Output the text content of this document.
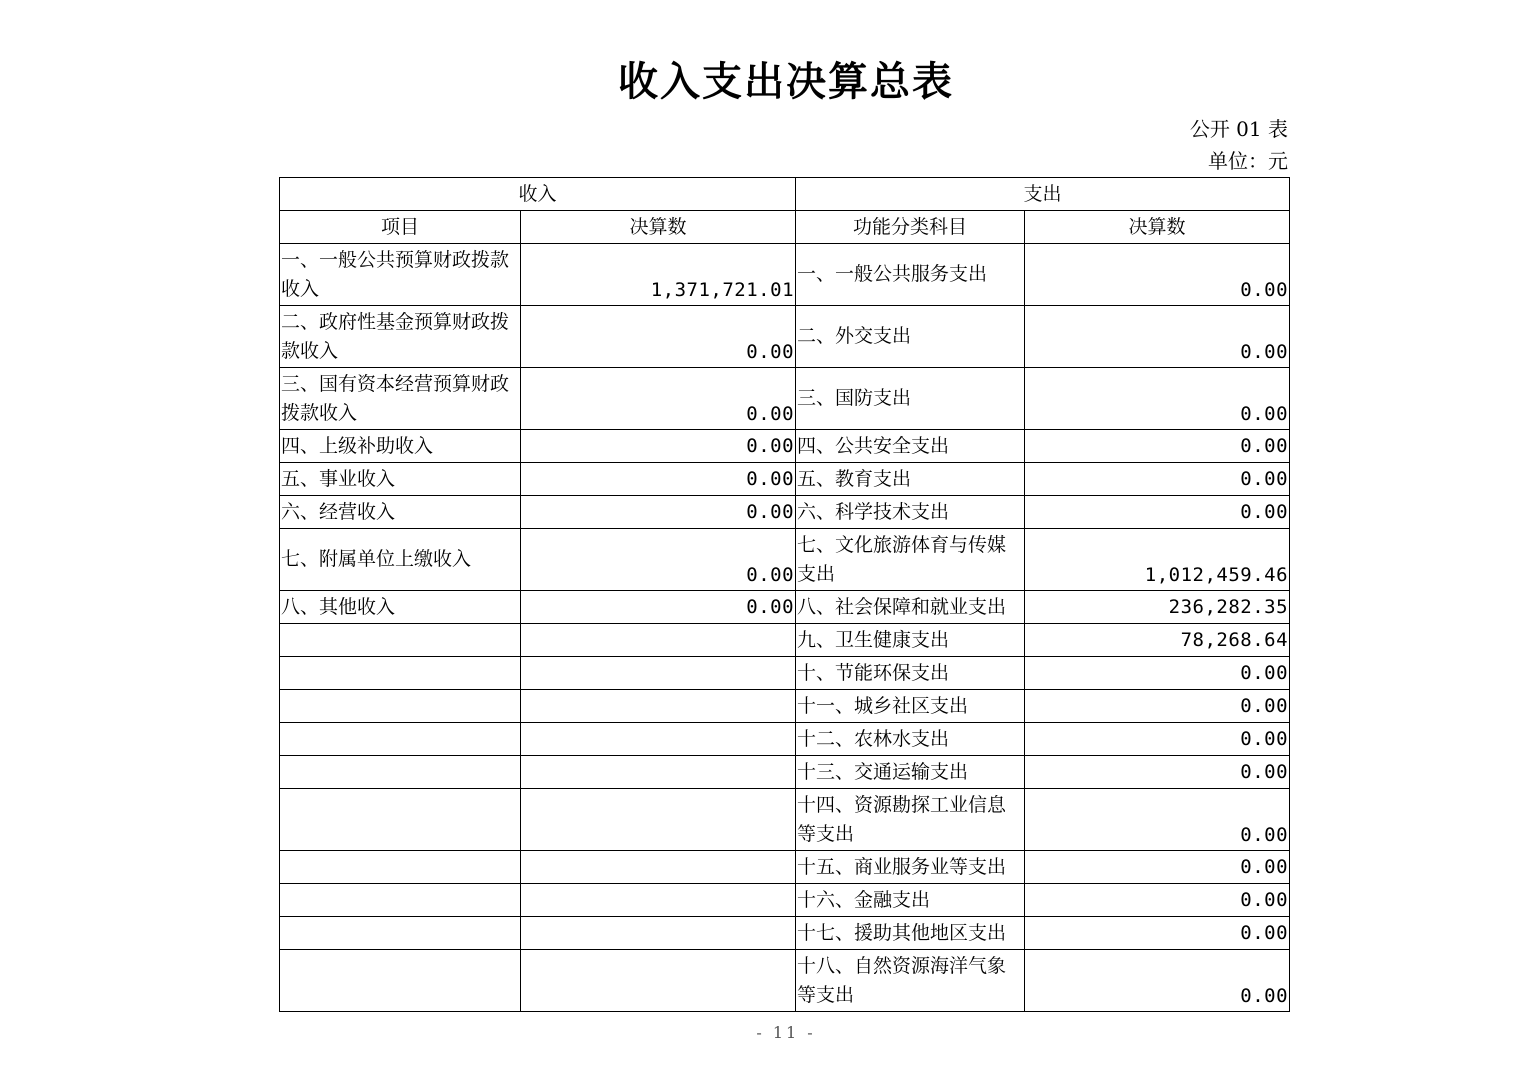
收入支出决算总表
公开 01 表
单位：元
收入		支出	
项目	决算数	功能分类科目	决算数
一、一般公共预算财政拨款收入	1,371,721.01	一、一般公共服务支出	0.00
二、政府性基金预算财政拨款收入	0.00	二、外交支出	0.00
三、国有资本经营预算财政拨款收入	0.00	三、国防支出	0.00
四、上级补助收入	0.00	四、公共安全支出	0.00
五、事业收入	0.00	五、教育支出	0.00
六、经营收入	0.00	六、科学技术支出	0.00
七、附属单位上缴收入	0.00	七、文化旅游体育与传媒支出	1,012,459.46
八、其他收入	0.00	八、社会保障和就业支出	236,282.35
		九、卫生健康支出	78,268.64
		十、节能环保支出	0.00
		十一、城乡社区支出	0.00
		十二、农林水支出	0.00
		十三、交通运输支出	0.00
		十四、资源勘探工业信息等支出	0.00
		十五、商业服务业等支出	0.00
		十六、金融支出	0.00
		十七、援助其他地区支出	0.00
		十八、自然资源海洋气象等支出	0.00
- 11 -
